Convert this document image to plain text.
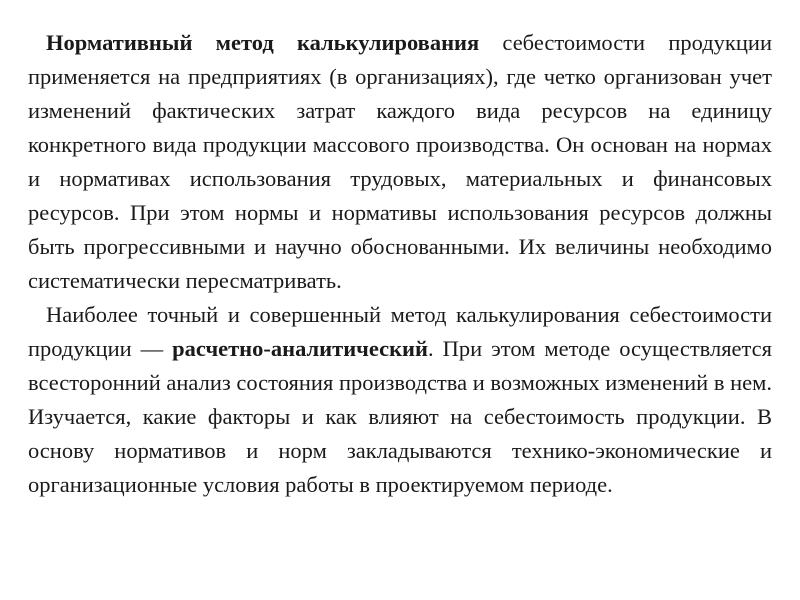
Нормативный метод калькулирования себестоимости продукции применяется на предприятиях (в организациях), где четко организован учет изменений фактических затрат каждого вида ресурсов на единицу конкретного вида продукции массового производства. Он основан на нормах и нормативах использования трудовых, материальных и финансовых ресурсов. При этом нормы и нормативы использования ресурсов должны быть прогрессивными и научно обоснованными. Их величины необходимо систематически пересматривать.

Наиболее точный и совершенный метод калькулирования себестоимости продукции — расчетно-аналитический. При этом методе осуществляется всесторонний анализ состояния производства и возможных изменений в нем. Изучается, какие факторы и как влияют на себестоимость продукции. В основу нормативов и норм закладываются технико-экономические и организационные условия работы в проектируемом периоде.
